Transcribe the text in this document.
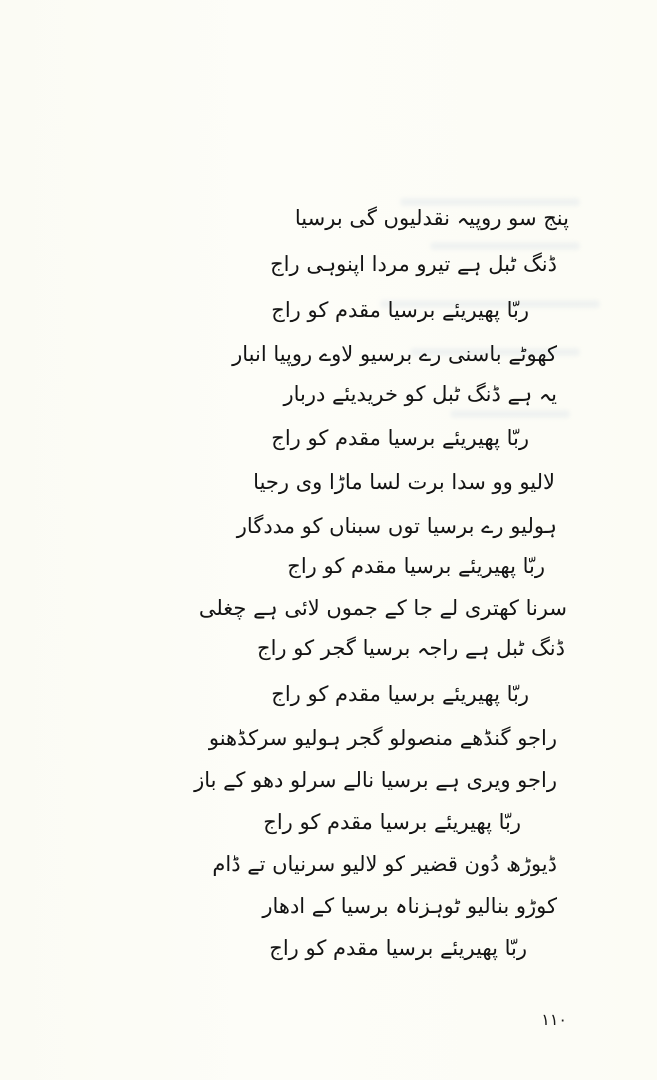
پنج سو روپیہ نقدلیوں گی برسیا
ڈنگ ٹبل ہے تیرو مردا اپنوہی راج
ربّا پھیریئے برسیا مقدم کو راج
کھوٹے باسنی رے برسیو لاوے روپیا انبار
یہ ہے ڈنگ ٹبل کو خریدیئے دربار
ربّا پھیریئے برسیا مقدم کو راج
لالیو وو سدا برت لسا ماڑا وی رجیا
ہولیو رے برسیا توں سبناں کو مددگار
ربّا پھیریئے برسیا مقدم کو راج
سرنا کھتری لے جا کے جموں لائی ہے چغلی
ڈنگ ٹبل ہے راجہ برسیا گجر کو راج
ربّا پھیریئے برسیا مقدم کو راج
راجو گنڈھے منصولو گجر ہولیو سرکڈھنو
راجو ویری ہے برسیا نالے سرلو دھو کے باز
ربّا پھیریئے برسیا مقدم کو راج
ڈیوڑھ دُون قضیر کو لالیو سرنیاں تے ڈام
کوڑو بنالیو ٹوہزناہ برسیا کے ادھار
ربّا پھیریئے برسیا مقدم کو راج
۱۱۰
